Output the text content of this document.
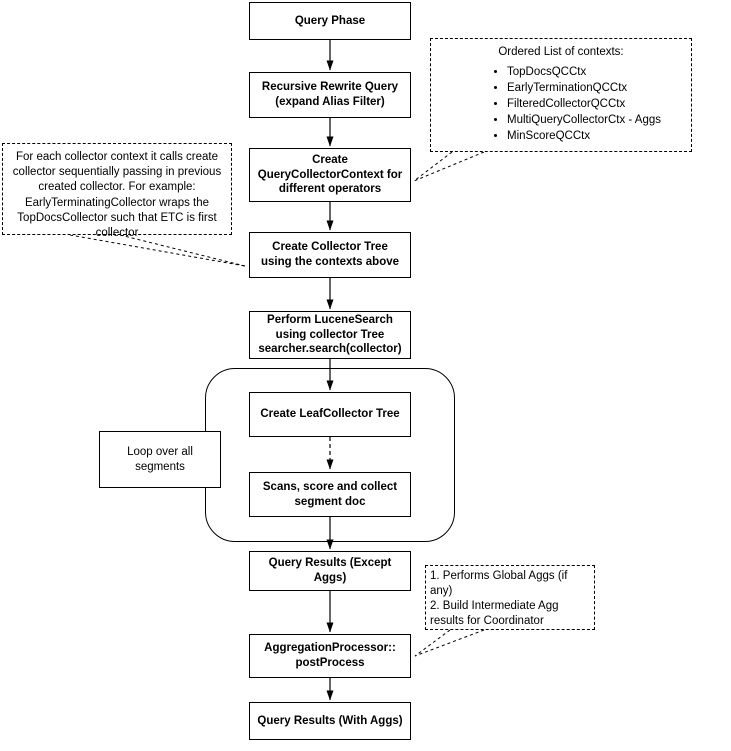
Query Phase
Recursive Rewrite Query (expand Alias Filter)
Create QueryCollectorContext for different operators
Create Collector Tree using the contexts above
Perform LuceneSearch using collector Tree searcher.search(collector)
Create LeafCollector Tree
Scans, score and collect segment doc
Loop over all segments
Query Results (Except Aggs)
AggregationProcessor:: postProcess
Query Results (With Aggs)
Ordered List of contexts:
• TopDocsQCCtx
• EarlyTerminationQCCtx
• FilteredCollectorQCCtx
• MultiQueryCollectorCtx - Aggs
• MinScoreQCCtx
For each collector context it calls create collector sequentially passing in previous created collector. For example: EarlyTerminatingCollector wraps the TopDocsCollector such that ETC is first collector
1. Performs Global Aggs (if any)
2. Build Intermediate Agg results for Coordinator
